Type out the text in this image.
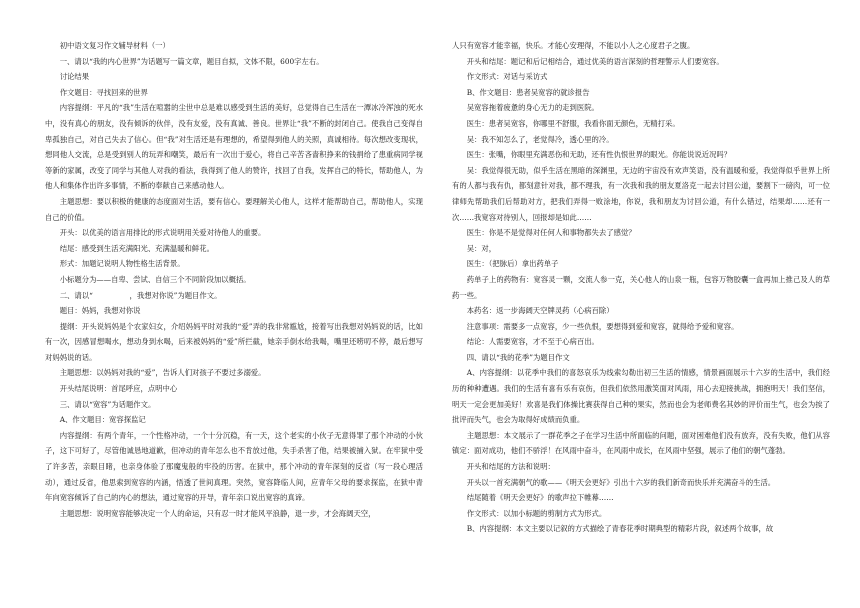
初中语文复习作文辅导材料（一）

一、请以“我的内心世界”为话题写一篇文章，题目自拟，文体不限，600字左右。

讨论结果

作文题目：寻找回来的世界

内容提纲：平凡的“我”生活在喧嚣的尘世中总是难以感受到生活的美好，总觉得自己生活在一潭冰冷浑浊的死水中，没有真心的朋友，没有倾诉的伙伴，没有友爱，没有真诚、善良。世界让“我”不断的封闭自己。使我自己变得自卑孤独自己，对自己失去了信心。但“我”对生活还是有理想的，希望得到他人的关照，真诚相待。每次想改变现状，想同他人交流，总是受到别人的玩弄和嘲笑，最后有一次出于爱心，将自己辛苦吝啬积挣来的钱捐给了患重病同学视等新的家属，改变了同学与其他人对我的看法，我得到了他人的赞许，找回了自我，发挥自己的特长，帮助他人，为他人和集体作出许多事情，不断的奉献自己来感动他人。

主题思想：要以积极的健康的态度面对生活，要有信心。要理解关心他人，这样才能帮助自己，帮助他人，实现自己的价值。

开头：以优美的语言用排比的形式说明用关爱对待他人的重要。

结尾：感受到生活充满阳光、充满温暖和鲜花。

形式：加题记说明人物性格生活背景。

小标题分为——自卑、尝试、自信三个不同阶段加以概括。

二、请以“　　　　　，我想对你说”为题目作文。

题目：妈妈，我想对你说

提纲：开头说妈妈是个农家妇女，介绍妈妈平时对我的“爱”弄的我非常尴尬，接着写出我想对妈妈说的话，比如有一次，因感冒想喝水，想动身到水喝，后来被妈妈的“爱”所拦截，她亲手倒水给我喝，嘴里还唠叨不停，最后想写对妈妈说的话。

主题思想：以妈妈对我的“爱”，告诉人们对孩子不要过多溺爱。

开头结尾说明：首尾呼应，点明中心

三、请以“宽容”为话题作文。

A、作文题目：宽容探监记

内容提纲：有两个青年，一个性格冲动，一个十分沉稳，有一天，这个老实的小伙子无意得罪了那个冲动的小伙子，这下可好了，尽管他诚恳地道歉，但冲动的青年怎么也不肯放过他，失手杀害了他，结果被捕入狱。在牢狱中受了许多苦，亲眼目睹，也亲身体验了那魔鬼般的牢役的历害。在狱中，那个冲动的青年深刻的反省（写一段心理活动），通过反省，他思索到宽容的内涵，悟透了世间真理。突然，宽容降临人间，应青年父母的要求探监，在狱中青年向宽容倾诉了自己的内心的想法，通过宽容的开导，青年亲口说出宽容的真谛。

主题思想：说明宽容能够决定一个人的命运，只有忍一时才能风平浪静，退一步，才会海阔天空，

人只有宽容才能幸福，快乐。才能心安理得，不能以小人之心度君子之腹。

开头和结尾：题记和后记相结合，通过优美的语言深刻的哲理警示人们要宽容。

作文形式：对话与采访式

B、作文题目：患者吴宽容的就诊报告

吴宽容拖着疲惫的身心无力的走到医院。

医生：患者吴宽容，你哪里不舒服，我看你面无颜色，无精打采。

吴：我不知怎么了，老觉得冷，透心里的冷。

医生：张嘴，你眼里充满恶伤和无助，还有性仇恨世界的眼光。你能说说近况吗？

吴：我觉得很无助，似乎生活在黑暗的深渊里，无边的宇宙没有欢声笑语，没有温暖和爱，我觉得似乎世界上所有的人都与我有仇，都刻意针对我，都不理我，有一次我和我的朋友夏洛克一起去讨回公道，要割下一磅肉，可一位律师先帮助我们后帮助对方，把我们弄得一败涂地，你说，我和朋友为讨回公道，有什么错过，结果却……还有一次……我宽容对待别人，回报却是如此……

医生：你是不是觉得对任何人和事物都失去了感觉？

吴：对，

医生：（把脉后）拿出药单子

药单子上的药物有：宽容灵一颗，交流人参一克，关心他人的山泉一瓶，包容万物胶囊一盒再加上推己及人的草药一些。

本药名：返一步海阔天空牌灵药（心病百除）

注意事项：需要多一点宽容，少一些仇恨，要想得到爱和宽容，就得给予爱和宽容。

结论：人需要宽容，才不至于心病百出。

四、请以“我的花季”为题目作文

A、内容提纲：以花季中我们的喜怒哀乐为线索勾勒出初三生活的情感，情景画面展示十六岁的生活中，我们经历的种种遭遇。我们的生活有喜有乐有哀伤，但我们依然用激笑面对风雨，用心去迎接挑战，拥抱明天！我们坚信，明天一定会更加美好！欢喜是我们体操比赛获得自己种的果实，然而也会为老师费名其妙的评价而生气，也会为挨了批评而失气，也会为取得好成绩而负重。

主题思想：本文展示了一群花季之子在学习生活中所面临的问题，面对困难他们没有放弃，没有失败，他们从容镇定：面对成功，他们不骄浮！在风雨中奋斗，在风雨中成长，在风雨中坚强，展示了他们的朝气蓬勃。

开头和结尾的方法和说明：

开头以一首充满朝气的歌——《明天会更好》引出十六岁的我们新奇而快乐并充满奋斗的生活。

结尾随着《明天会更好》的歌声拉下帷幕……

作文形式：以加小标题的剪制方式为形式。

B、内容提纲：本文主要以记叙的方式描绘了青春花季时期典型的精彩片段，叙述两个故事，故
